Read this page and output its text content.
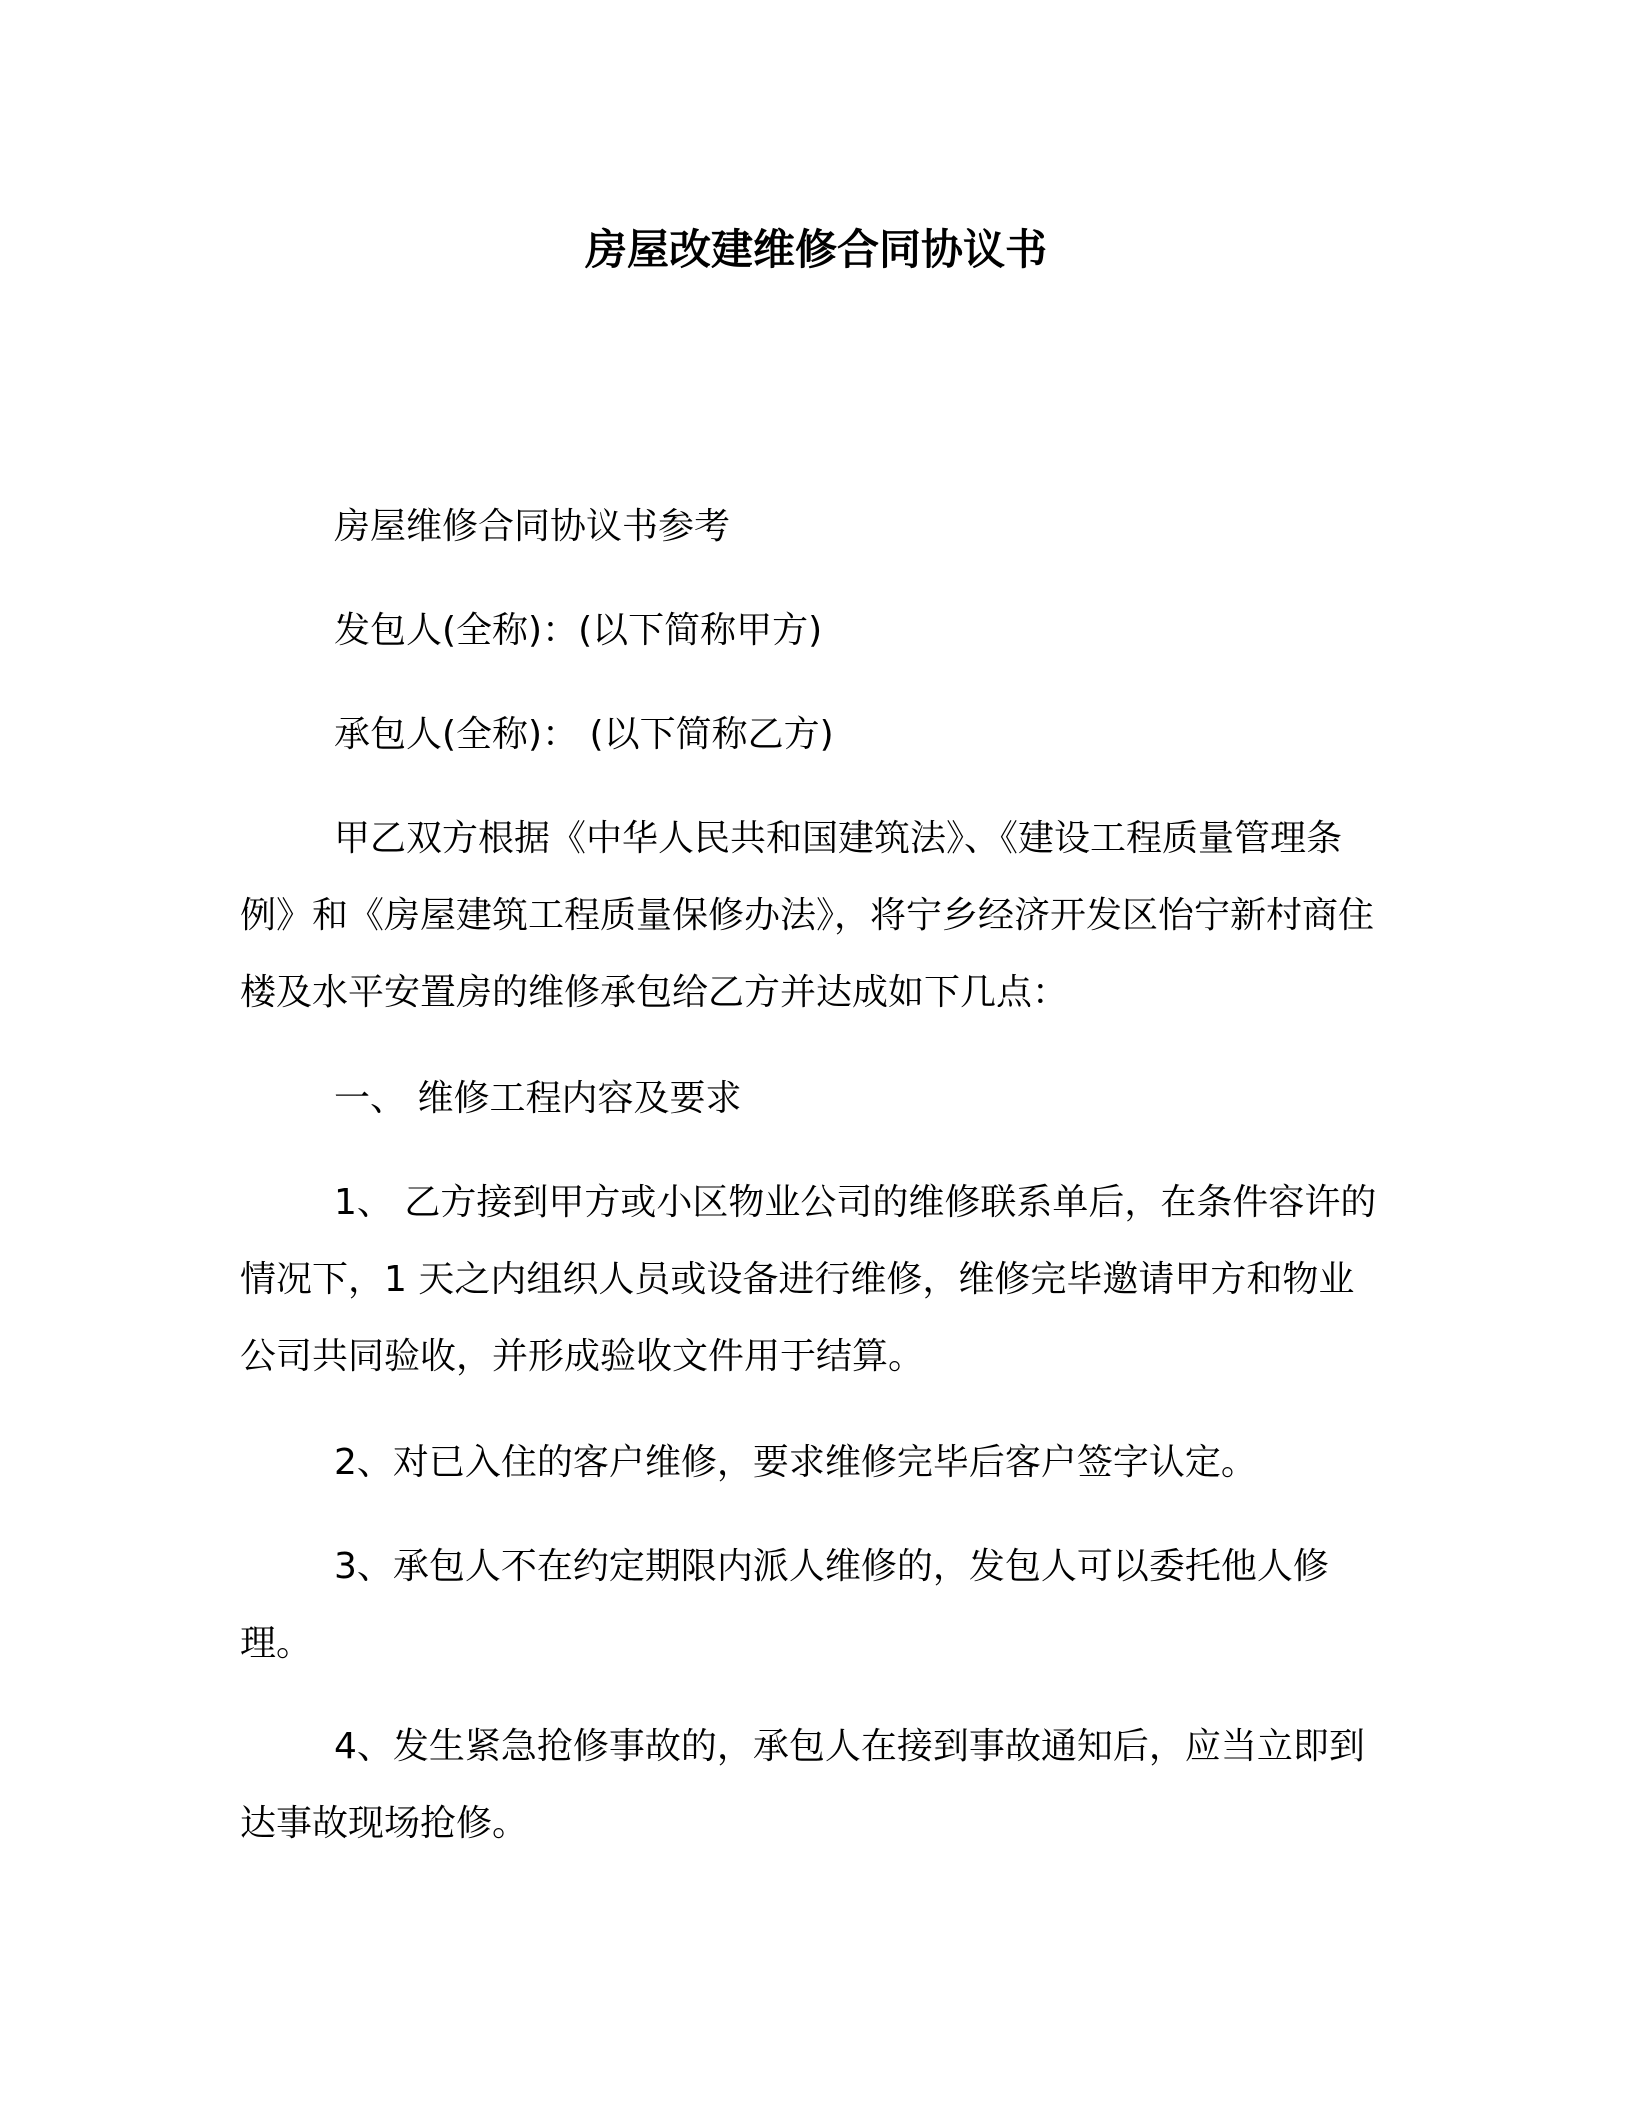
房屋改建维修合同协议书

房屋维修合同协议书参考

发包人(全称)：(以下简称甲方)

承包人(全称)： (以下简称乙方)

甲乙双方根据《中华人民共和国建筑法》、《建设工程质量管理条例》和《房屋建筑工程质量保修办法》，将宁乡经济开发区怡宁新村商住楼及水平安置房的维修承包给乙方并达成如下几点：

一、 维修工程内容及要求

1、 乙方接到甲方或小区物业公司的维修联系单后，在条件容许的情况下，1 天之内组织人员或设备进行维修，维修完毕邀请甲方和物业公司共同验收，并形成验收文件用于结算。

2、对已入住的客户维修，要求维修完毕后客户签字认定。

3、承包人不在约定期限内派人维修的，发包人可以委托他人修理。

4、发生紧急抢修事故的，承包人在接到事故通知后，应当立即到达事故现场抢修。
